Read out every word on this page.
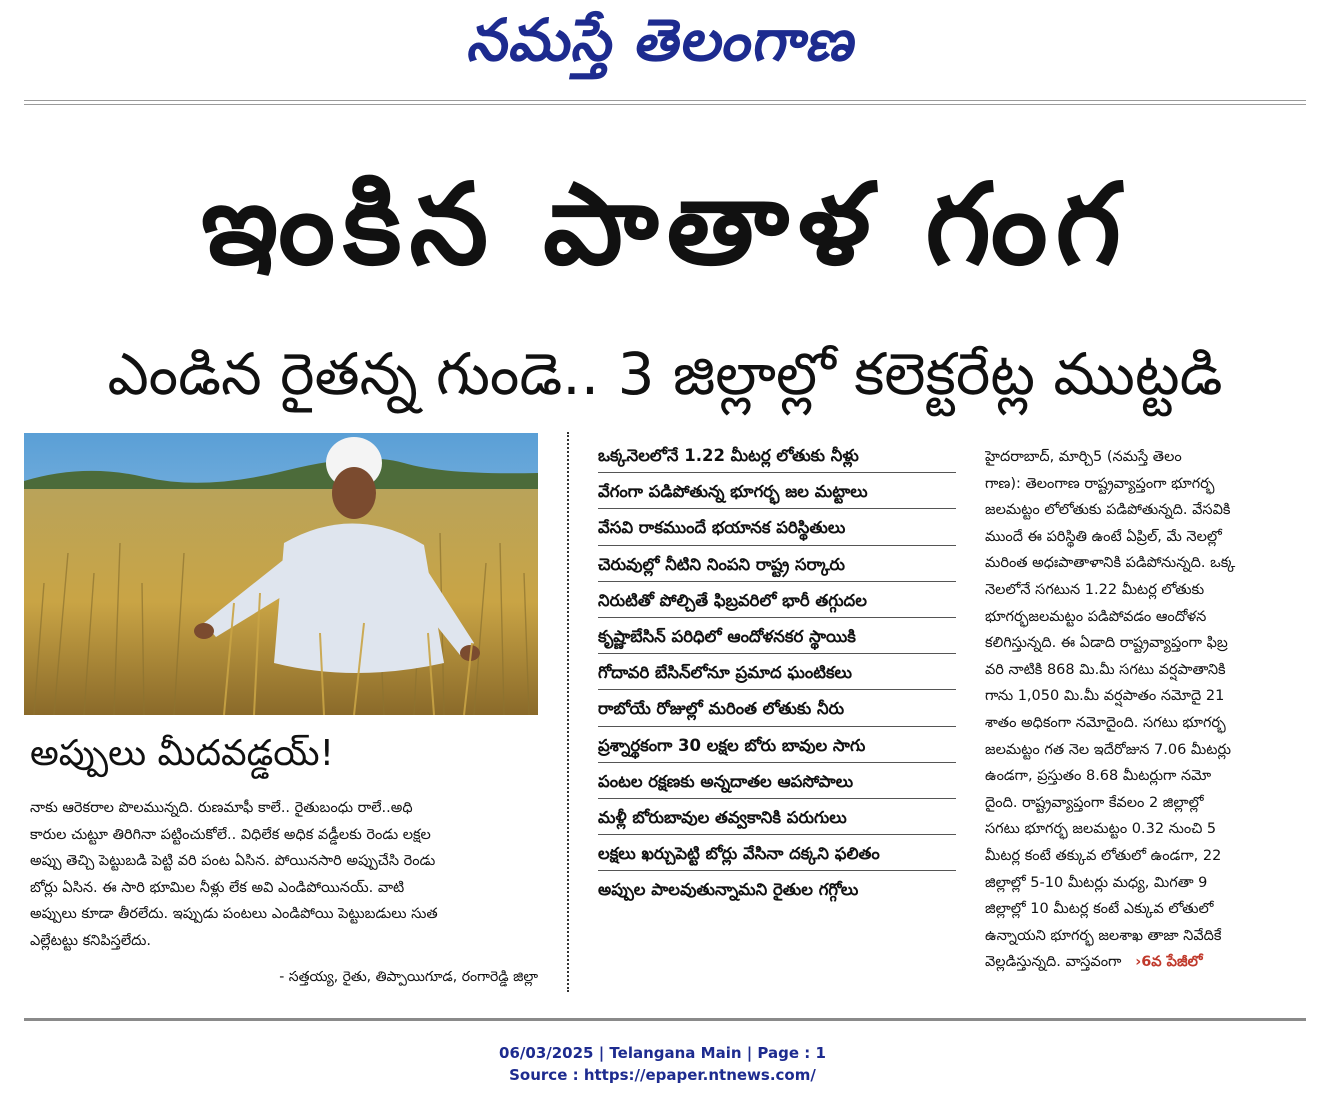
నమస్తే తెలంగాణ
ఇంకిన పాతాళ గంగ
ఎండిన రైతన్న గుండె.. 3 జిల్లాల్లో కలెక్టరేట్ల ముట్టడి
అప్పులు మీదవడ్డయ్!

నాకు ఆరెకరాల పొలమున్నది. రుణమాఫీ కాలే.. రైతుబంధు రాలే..అధి

కారుల చుట్టూ తిరిగినా పట్టించుకోలే.. విధిలేక అధిక వడ్డీలకు రెండు లక్షల

అప్పు తెచ్చి పెట్టుబడి పెట్టి వరి పంట ఏసిన. పోయినసారి అప్పుచేసి రెండు

బోర్లు ఏసిన. ఈ సారి భూమిల నీళ్లు లేక అవి ఎండిపోయినయ్. వాటి

అప్పులు కూడా తీరలేదు. ఇప్పుడు పంటలు ఎండిపోయి పెట్టుబడులు సుత

ఎల్లేటట్టు కనిపిస్తలేదు.

- సత్తయ్య, రైతు, తిప్పాయిగూడ, రంగారెడ్డి జిల్లా
ఒక్కనెలలోనే 1.22 మీటర్ల లోతుకు నీళ్లు
వేగంగా పడిపోతున్న భూగర్భ జల మట్టాలు
వేసవి రాకముందే భయానక పరిస్థితులు
చెరువుల్లో నీటిని నింపని రాష్ట్ర సర్కారు
నిరుటితో పోల్చితే ఫిబ్రవరిలో భారీ తగ్గుదల
కృష్ణాబేసిన్ పరిధిలో ఆందోళనకర స్థాయికి
గోదావరి బేసిన్‌లోనూ ప్రమాద ఘంటికలు
రాబోయే రోజుల్లో మరింత లోతుకు నీరు
ప్రశ్నార్థకంగా 30 లక్షల బోరు బావుల సాగు
పంటల రక్షణకు అన్నదాతల ఆపసోపాలు
మళ్లీ బోరుబావుల తవ్వకానికి పరుగులు
లక్షలు ఖర్చుపెట్టి బోర్లు వేసినా దక్కని ఫలితం
అప్పుల పాలవుతున్నామని రైతుల గగ్గోలు

హైదరాబాద్, మార్చి5 (నమస్తే తెలం

గాణ): తెలంగాణ రాష్ట్రవ్యాప్తంగా భూగర్భ

జలమట్టం లోలోతుకు పడిపోతున్నది. వేసవికి

ముందే ఈ పరిస్థితి ఉంటే ఏప్రిల్, మే నెలల్లో

మరింత అధఃపాతాళానికి పడిపోనున్నది. ఒక్క

నెలలోనే సగటున 1.22 మీటర్ల లోతుకు

భూగర్భజలమట్టం పడిపోవడం ఆందోళన

కలిగిస్తున్నది. ఈ ఏడాది రాష్ట్రవ్యాప్తంగా ఫిబ్ర

వరి నాటికి 868 మి.మీ సగటు వర్షపాతానికి

గాను 1,050 మి.మీ వర్షపాతం నమోదై 21

శాతం అధికంగా నమోదైంది. సగటు భూగర్భ

జలమట్టం గత నెల ఇదేరోజున 7.06 మీటర్లు

ఉండగా, ప్రస్తుతం 8.68 మీటర్లుగా నమో

దైంది. రాష్ట్రవ్యాప్తంగా కేవలం 2 జిల్లాల్లో

సగటు భూగర్భ జలమట్టం 0.32 నుంచి 5

మీటర్ల కంటే తక్కువ లోతులో ఉండగా, 22

జిల్లాల్లో 5-10 మీటర్లు మధ్య, మిగతా 9

జిల్లాల్లో 10 మీటర్ల కంటే ఎక్కువ లోతులో

ఉన్నాయని భూగర్భ జలశాఖ తాజా నివేదికే

వెల్లడిస్తున్నది. వాస్తవంగా ›6వ పేజీలో

06/03/2025 | Telangana Main | Page : 1
Source : https://epaper.ntnews.com/
